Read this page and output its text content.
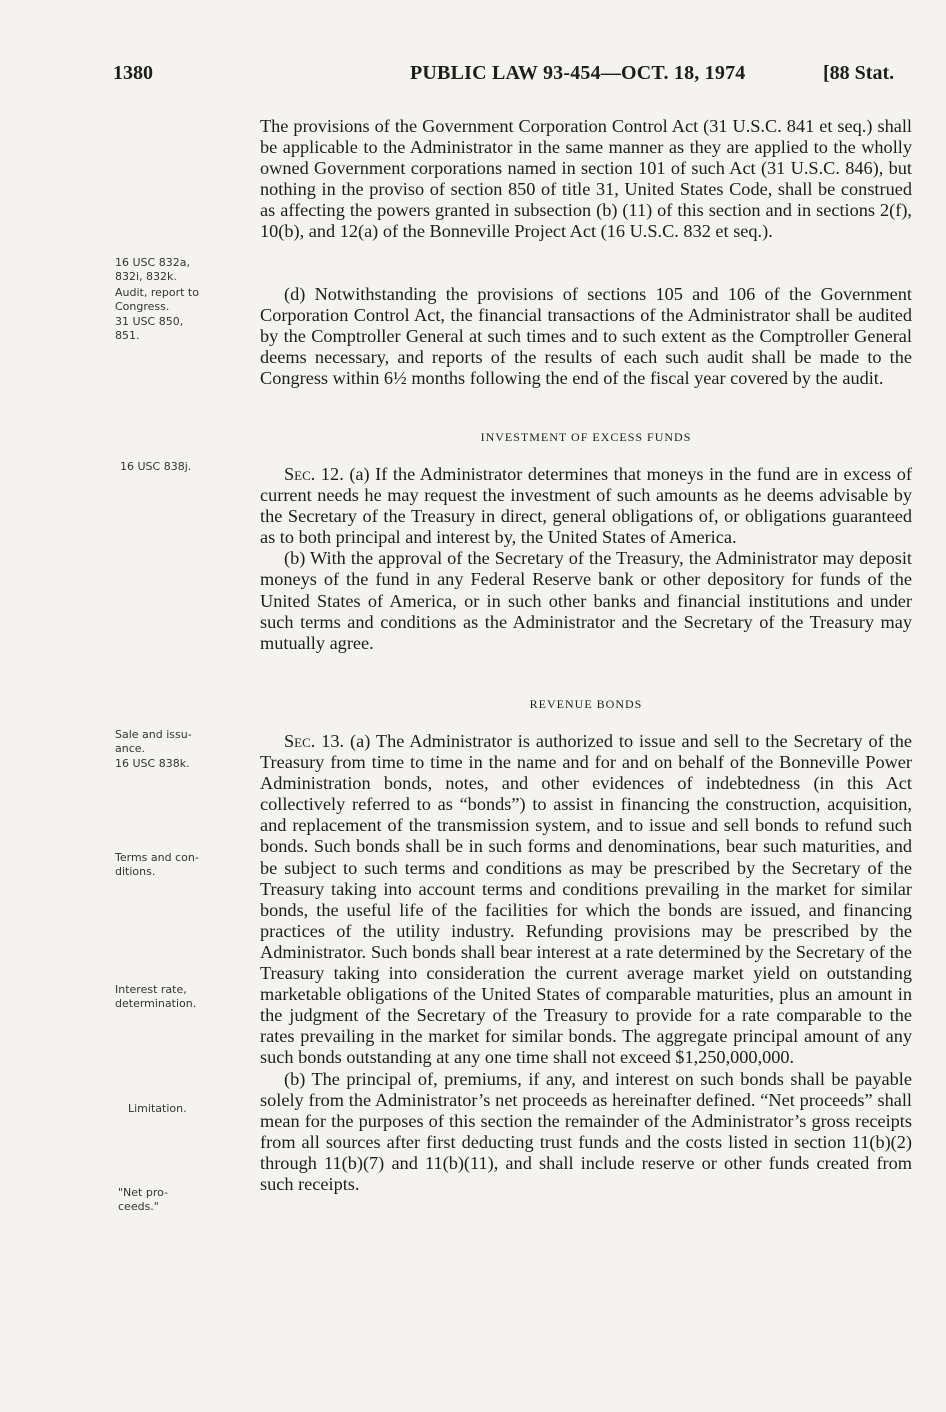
1380	PUBLIC LAW 93-454—OCT. 18, 1974	[88 Stat.
16 USC 832a,
832i, 832k.
Audit, report to
Congress.
31 USC 850,
851.
16 USC 838j.
Sale and issu-
ance.
16 USC 838k.
Terms and con-
ditions.
Interest rate,
determination.
Limitation.
"Net pro-
ceeds."

The provisions of the Government Corporation Control Act (31 U.S.C. 841 et seq.) shall be applicable to the Administrator in the same manner as they are applied to the wholly owned Government corporations named in section 101 of such Act (31 U.S.C. 846), but nothing in the proviso of section 850 of title 31, United States Code, shall be construed as affecting the powers granted in subsection (b) (11) of this section and in sections 2(f), 10(b), and 12(a) of the Bonneville Project Act (16 U.S.C. 832 et seq.).

(d) Notwithstanding the provisions of sections 105 and 106 of the Government Corporation Control Act, the financial transactions of the Administrator shall be audited by the Comptroller General at such times and to such extent as the Comptroller General deems necessary, and reports of the results of each such audit shall be made to the Congress within 6½ months following the end of the fiscal year covered by the audit.

INVESTMENT OF EXCESS FUNDS

Sec. 12. (a) If the Administrator determines that moneys in the fund are in excess of current needs he may request the investment of such amounts as he deems advisable by the Secretary of the Treasury in direct, general obligations of, or obligations guaranteed as to both principal and interest by, the United States of America.

(b) With the approval of the Secretary of the Treasury, the Administrator may deposit moneys of the fund in any Federal Reserve bank or other depository for funds of the United States of America, or in such other banks and financial institutions and under such terms and conditions as the Administrator and the Secretary of the Treasury may mutually agree.

REVENUE BONDS

Sec. 13. (a) The Administrator is authorized to issue and sell to the Secretary of the Treasury from time to time in the name and for and on behalf of the Bonneville Power Administration bonds, notes, and other evidences of indebtedness (in this Act collectively referred to as “bonds”) to assist in financing the construction, acquisition, and replacement of the transmission system, and to issue and sell bonds to refund such bonds. Such bonds shall be in such forms and denominations, bear such maturities, and be subject to such terms and conditions as may be prescribed by the Secretary of the Treasury taking into account terms and conditions prevailing in the market for similar bonds, the useful life of the facilities for which the bonds are issued, and financing practices of the utility industry. Refunding provisions may be prescribed by the Administrator. Such bonds shall bear interest at a rate determined by the Secretary of the Treasury taking into consideration the current average market yield on outstanding marketable obligations of the United States of comparable maturities, plus an amount in the judgment of the Secretary of the Treasury to provide for a rate comparable to the rates prevailing in the market for similar bonds. The aggregate principal amount of any such bonds outstanding at any one time shall not exceed $1,250,000,000.

(b) The principal of, premiums, if any, and interest on such bonds shall be payable solely from the Administrator’s net proceeds as hereinafter defined. “Net proceeds” shall mean for the purposes of this section the remainder of the Administrator’s gross receipts from all sources after first deducting trust funds and the costs listed in section 11(b)(2) through 11(b)(7) and 11(b)(11), and shall include reserve or other funds created from such receipts.
